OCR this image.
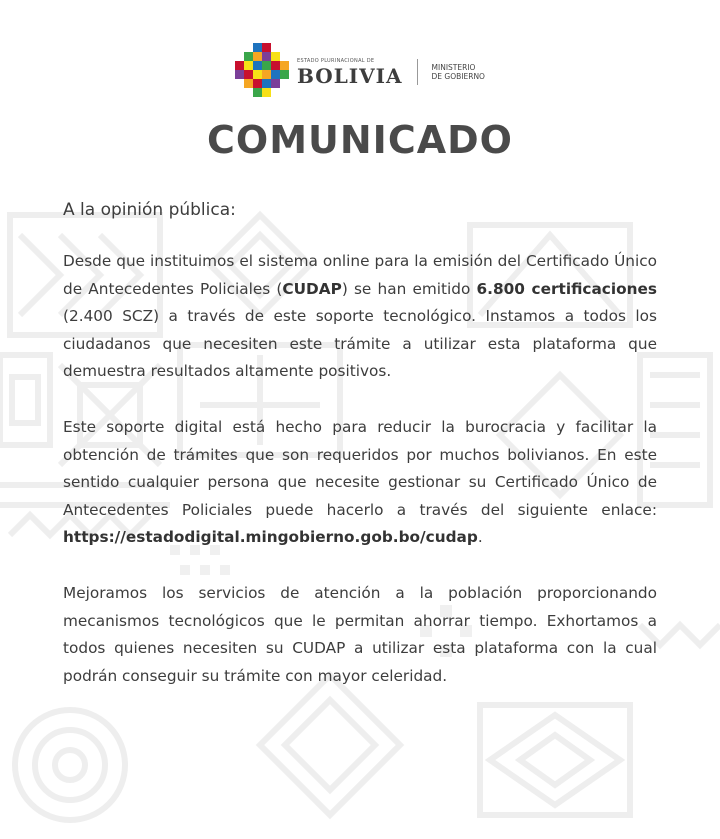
ESTADO PLURINACIONAL DE
BOLIVIA	MINISTERIO
DE GOBIERNO
COMUNICADO

A la opinión pública:

Desde que instituimos el sistema online para la emisión del Certificado Único de Antecedentes Policiales (CUDAP) se han emitido 6.800 certificaciones (2.400 SCZ) a través de este soporte tecnológico. Instamos a todos los ciudadanos que necesiten este trámite a utilizar esta plataforma que demuestra resultados altamente positivos.

Este soporte digital está hecho para reducir la burocracia y facilitar la obtención de trámites que son requeridos por muchos bolivianos. En este sentido cualquier persona que necesite gestionar su Certificado Único de Antecedentes Policiales puede hacerlo a través del siguiente enlace: https://estadodigital.mingobierno.gob.bo/cudap.

Mejoramos los servicios de atención a la población proporcionando mecanismos tecnológicos que le permitan ahorrar tiempo. Exhortamos a todos quienes necesiten su CUDAP a utilizar esta plataforma con la cual podrán conseguir su trámite con mayor celeridad.
